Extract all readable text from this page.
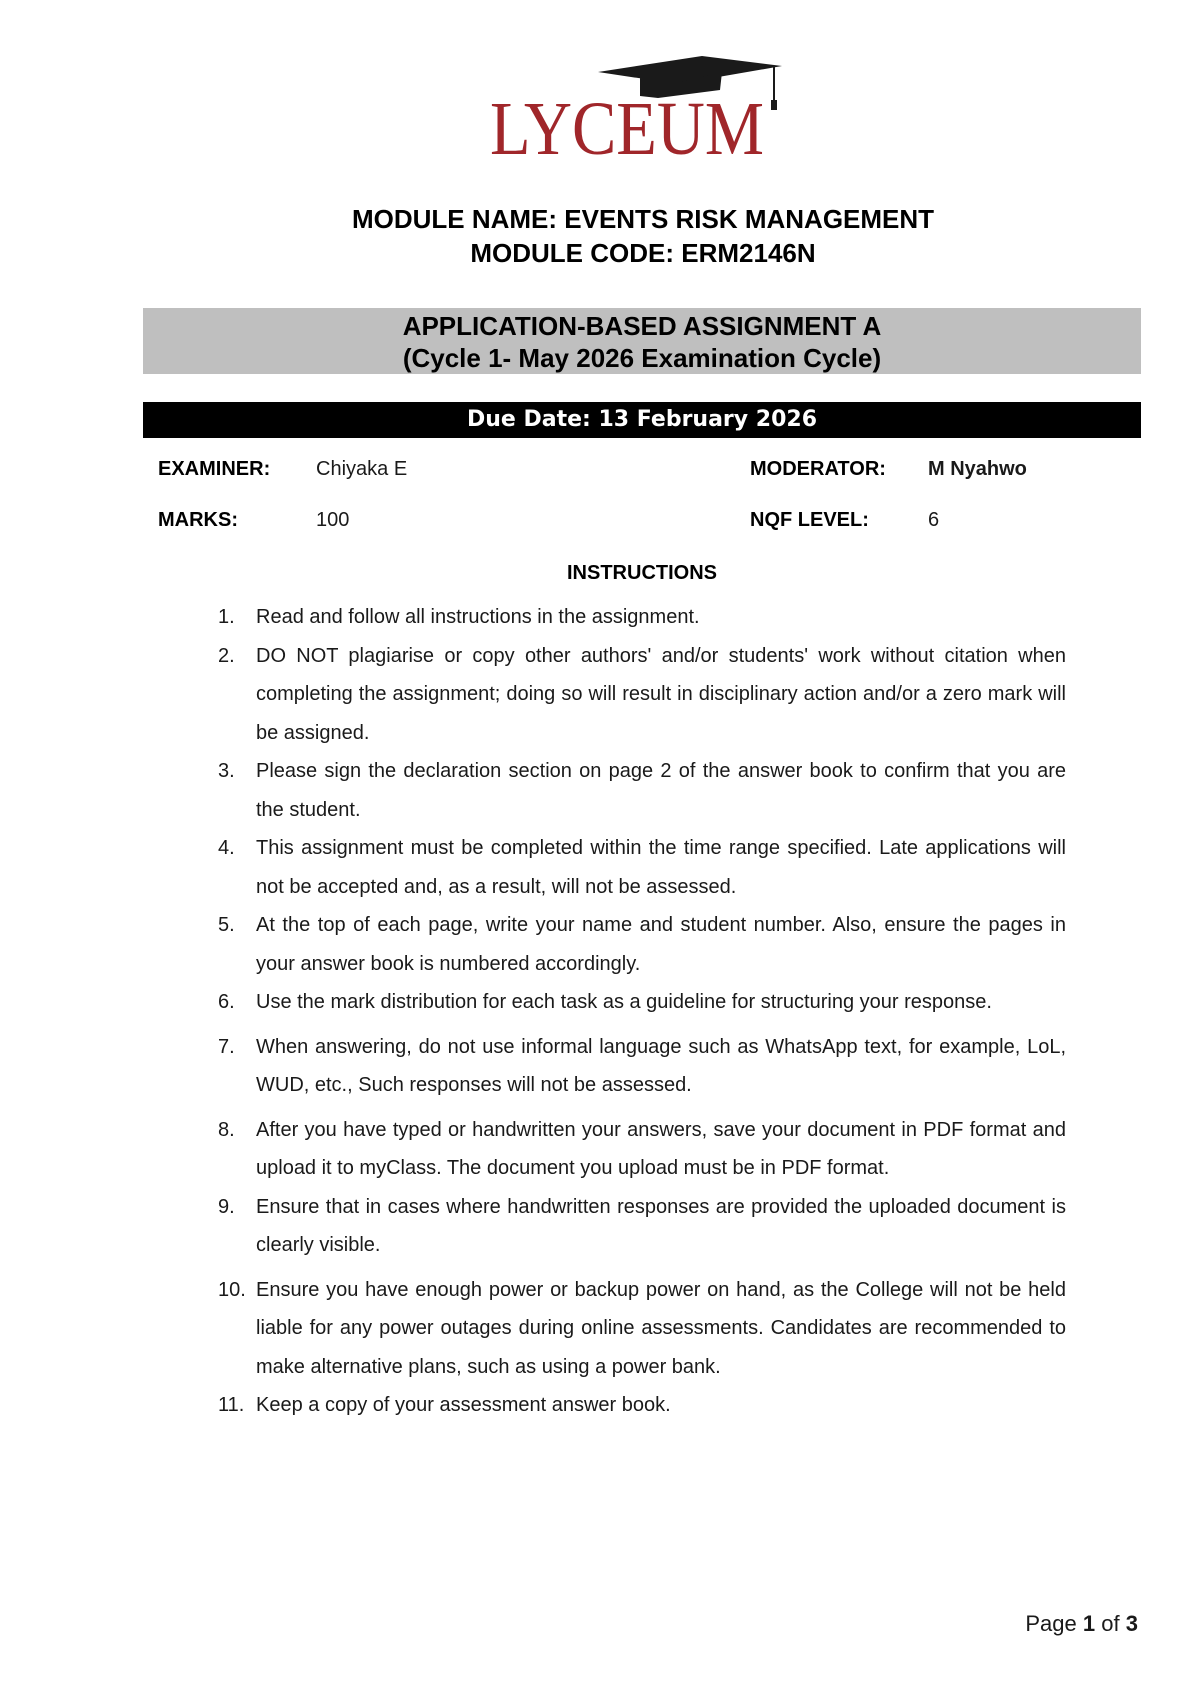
LYCEUM
MODULE NAME: EVENTS RISK MANAGEMENT
MODULE CODE: ERM2146N
APPLICATION-BASED ASSIGNMENT A
(Cycle 1- May 2026 Examination Cycle)
Due Date: 13 February 2026
EXAMINER: Chiyaka E	MODERATOR: M Nyahwo
MARKS:	100	NQF LEVEL:	6
INSTRUCTIONS
1.	Read and follow all instructions in the assignment.
2.	DO NOT plagiarise or copy other authors' and/or students' work without citation when completing the assignment; doing so will result in disciplinary action and/or a zero mark will be assigned.
3.	Please sign the declaration section on page 2 of the answer book to confirm that you are the student.
4.	This assignment must be completed within the time range specified. Late applications will not be accepted and, as a result, will not be assessed.
5.	At the top of each page, write your name and student number. Also, ensure the pages in your answer book is numbered accordingly.
6.	Use the mark distribution for each task as a guideline for structuring your response.
7.	When answering, do not use informal language such as WhatsApp text, for example, LoL, WUD, etc., Such responses will not be assessed.
8.	After you have typed or handwritten your answers, save your document in PDF format and upload it to myClass. The document you upload must be in PDF format.
9.	Ensure that in cases where handwritten responses are provided the uploaded document is clearly visible.
10. Ensure you have enough power or backup power on hand, as the College will not be held liable for any power outages during online assessments. Candidates are recommended to make alternative plans, such as using a power bank.
11. Keep a copy of your assessment answer book.
Page 1 of 3
